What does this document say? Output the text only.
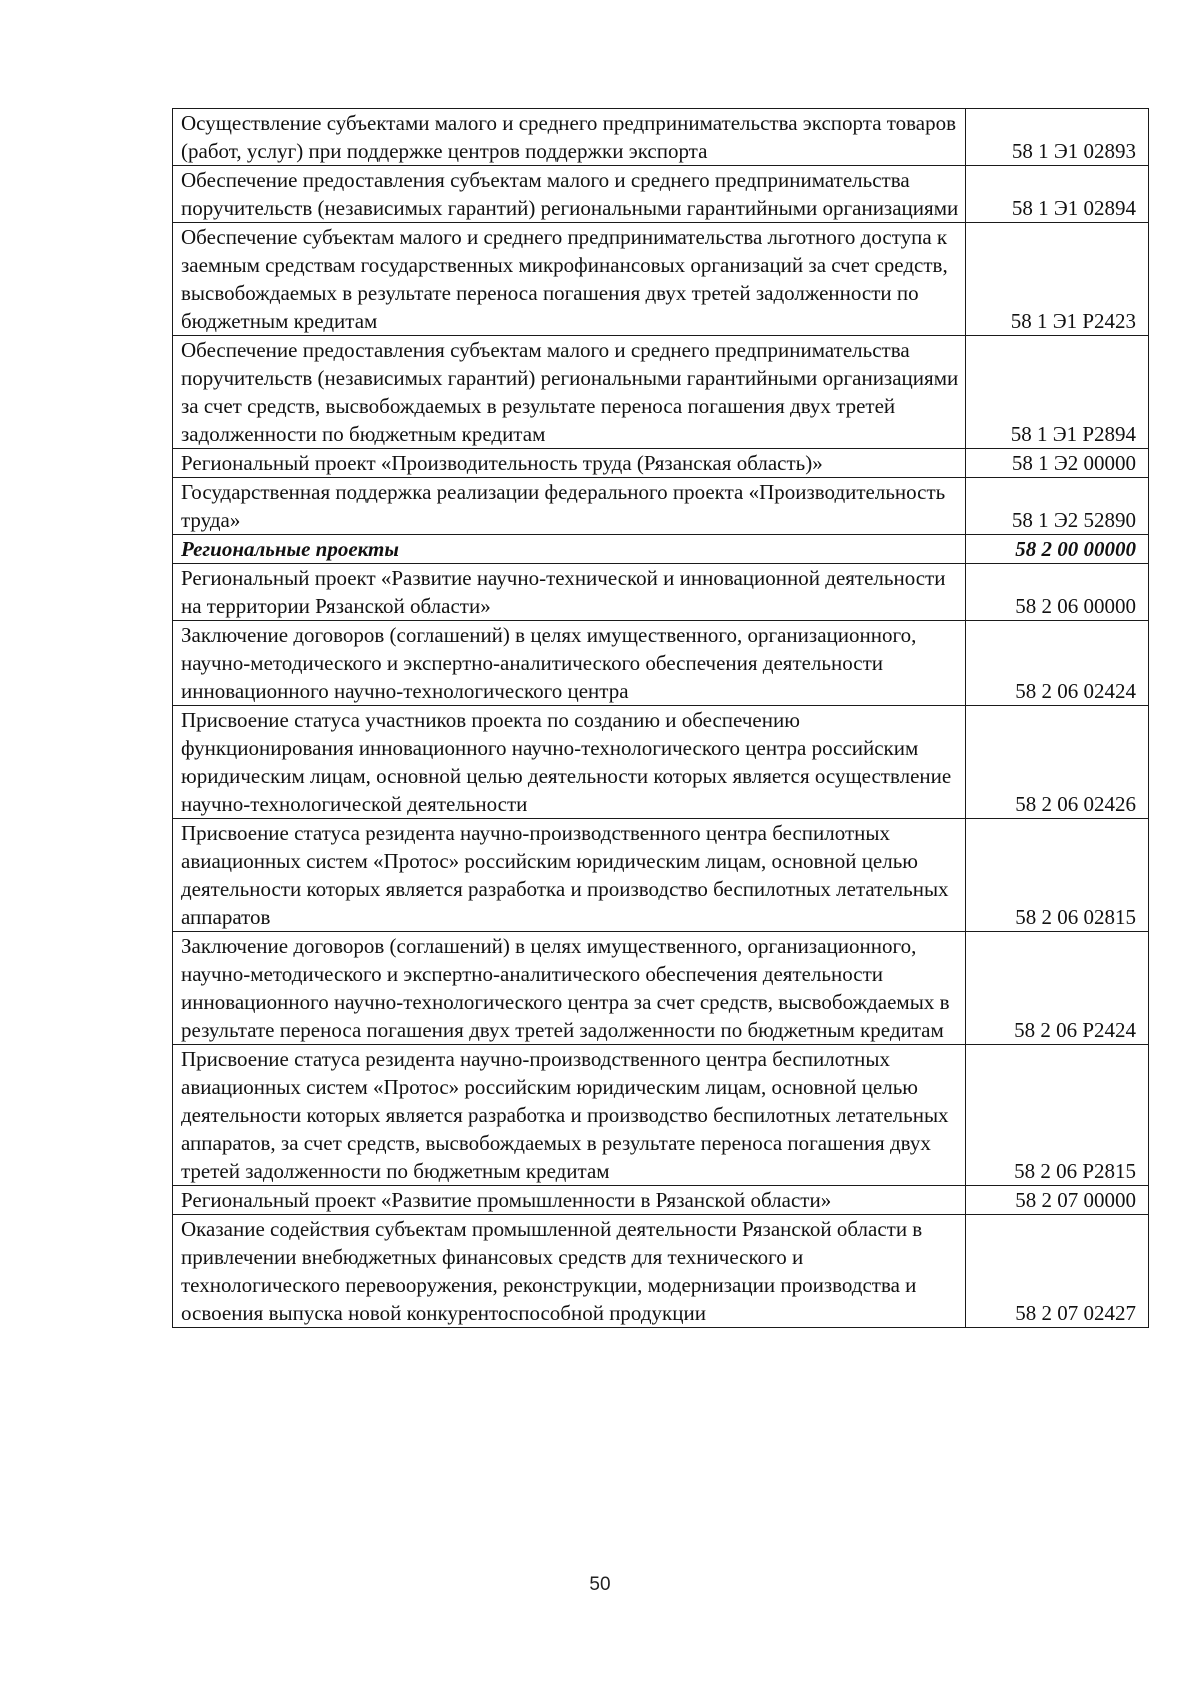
Осуществление субъектами малого и среднего предпринимательства экспорта товаров (работ, услуг) при поддержке центров поддержки экспорта	58 1 Э1 02893
Обеспечение предоставления субъектам малого и среднего предпринимательства поручительств (независимых гарантий) региональными гарантийными организациями	58 1 Э1 02894
Обеспечение субъектам малого и среднего предпринимательства льготного доступа к заемным средствам государственных микрофинансовых организаций за счет средств, высвобождаемых в результате переноса погашения двух третей задолженности по бюджетным кредитам	58 1 Э1 Р2423
Обеспечение предоставления субъектам малого и среднего предпринимательства поручительств (независимых гарантий) региональными гарантийными организациями за счет средств, высвобождаемых в результате переноса погашения двух третей задолженности по бюджетным кредитам	58 1 Э1 Р2894
Региональный проект «Производительность труда (Рязанская область)»	58 1 Э2 00000
Государственная поддержка реализации федерального проекта «Производительность труда»	58 1 Э2 52890
Региональные проекты	58 2 00 00000
Региональный проект «Развитие научно-технической и инновационной деятельности на территории Рязанской области»	58 2 06 00000
Заключение договоров (соглашений) в целях имущественного, организационного, научно-методического и экспертно-аналитического обеспечения деятельности инновационного научно-технологического центра	58 2 06 02424
Присвоение статуса участников проекта по созданию и обеспечению функционирования инновационного научно-технологического центра российским юридическим лицам, основной целью деятельности которых является осуществление научно-технологической деятельности	58 2 06 02426
Присвоение статуса резидента научно-производственного центра беспилотных авиационных систем «Протос» российским юридическим лицам, основной целью деятельности которых является разработка и производство беспилотных летательных аппаратов	58 2 06 02815
Заключение договоров (соглашений) в целях имущественного, организационного, научно-методического и экспертно-аналитического обеспечения деятельности инновационного научно-технологического центра за счет средств, высвобождаемых в результате переноса погашения двух третей задолженности по бюджетным кредитам	58 2 06 Р2424
Присвоение статуса резидента научно-производственного центра беспилотных авиационных систем «Протос» российским юридическим лицам, основной целью деятельности которых является разработка и производство беспилотных летательных аппаратов, за счет средств, высвобождаемых в результате переноса погашения двух третей задолженности по бюджетным кредитам	58 2 06 Р2815
Региональный проект «Развитие промышленности в Рязанской области»	58 2 07 00000
Оказание содействия субъектам промышленной деятельности Рязанской области в привлечении внебюджетных финансовых средств для технического и технологического перевооружения, реконструкции, модернизации производства и освоения выпуска новой конкурентоспособной продукции	58 2 07 02427
50
